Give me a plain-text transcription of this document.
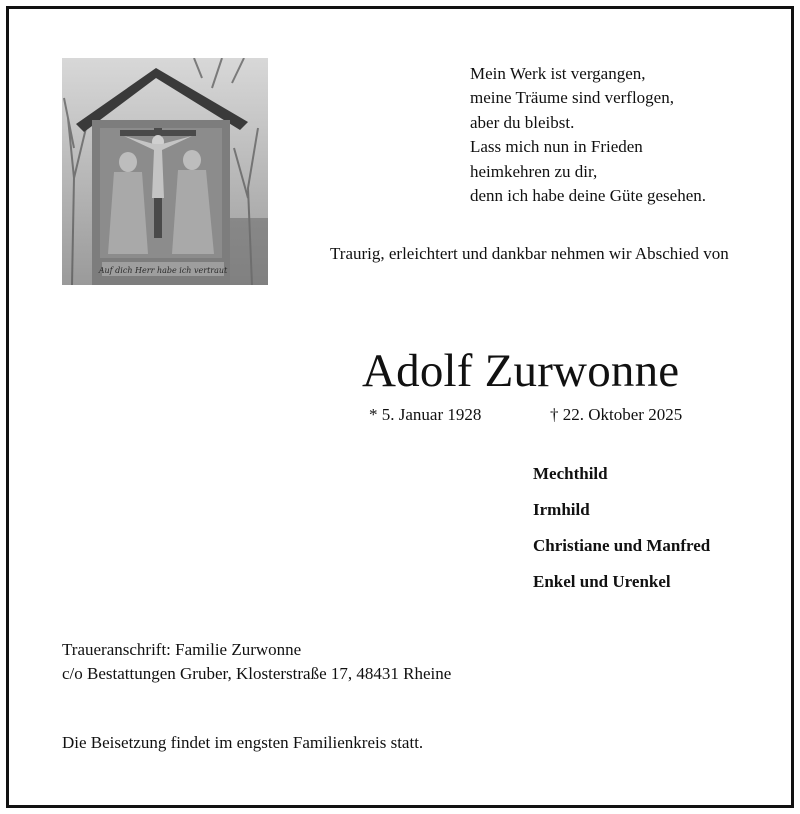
Auf dich Herr habe ich vertraut
Mein Werk ist vergangen,
meine Träume sind verflogen,
aber du bleibst.
Lass mich nun in Frieden
heimkehren zu dir,
denn ich habe deine Güte gesehen.
Traurig, erleichtert und dankbar nehmen wir Abschied von
Adolf Zurwonne
* 5. Januar 1928	† 22. Oktober 2025
Mechthild
Irmhild
Christiane und Manfred
Enkel und Urenkel
Traueranschrift: Familie Zurwonne
c/o Bestattungen Gruber, Klosterstraße 17, 48431 Rheine
Die Beisetzung findet im engsten Familienkreis statt.
